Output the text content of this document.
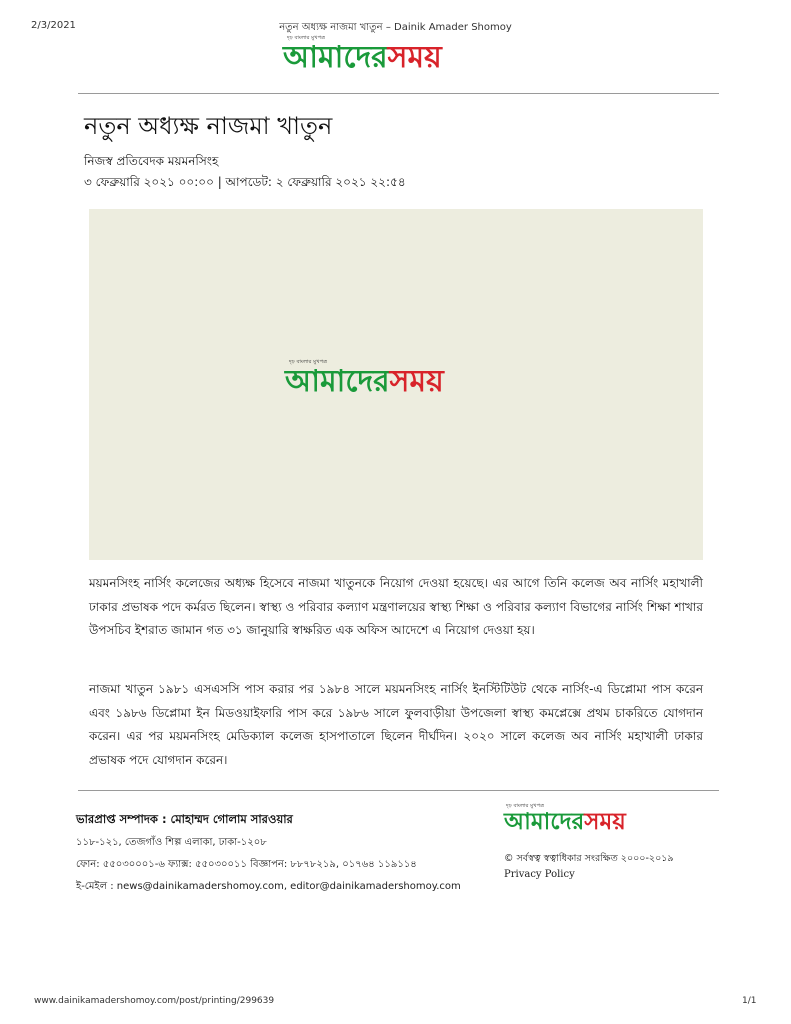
2/3/2021	নতুন অধ্যক্ষ নাজমা খাতুন – Dainik Amader Shomoy
দৃঢ় বাংলার মুখপত্র
আমাদেরসময়
নতুন অধ্যক্ষ নাজমা খাতুন
নিজস্ব প্রতিবেদক ময়মনসিংহ
৩ ফেব্রুয়ারি ২০২১ ০০:০০ | আপডেট: ২ ফেব্রুয়ারি ২০২১ ২২:৫৪
দৃঢ় বাংলার মুখপত্র
আমাদেরসময়

ময়মনসিংহ নার্সিং কলেজের অধ্যক্ষ হিসেবে নাজমা খাতুনকে নিয়োগ দেওয়া হয়েছে। এর আগে তিনি কলেজ অব নার্সিং মহাখালী ঢাকার প্রভাষক পদে কর্মরত ছিলেন। স্বাস্থ্য ও পরিবার কল্যাণ মন্ত্রণালয়ের স্বাস্থ্য শিক্ষা ও পরিবার কল্যাণ বিভাগের নার্সিং শিক্ষা শাখার উপসচিব ইশরাত জামান গত ৩১ জানুয়ারি স্বাক্ষরিত এক অফিস আদেশে এ নিয়োগ দেওয়া হয়।

নাজমা খাতুন ১৯৮১ এসএসসি পাস করার পর ১৯৮৪ সালে ময়মনসিংহ নার্সিং ইনস্টিটিউট থেকে নার্সিং-এ ডিপ্লোমা পাস করেন এবং ১৯৮৬ ডিপ্লোমা ইন মিডওয়াইফারি পাস করে ১৯৮৬ সালে ফুলবাড়ীয়া উপজেলা স্বাস্থ্য কমপ্লেক্সে প্রথম চাকরিতে যোগদান করেন। এর পর ময়মনসিংহ মেডিক্যাল কলেজ হাসপাতালে ছিলেন দীর্ঘদিন। ২০২০ সালে কলেজ অব নার্সিং মহাখালী ঢাকার প্রভাষক পদে যোগদান করেন।

ভারপ্রাপ্ত সম্পাদক : মোহাম্মদ গোলাম সারওয়ার
১১৮-১২১, তেজগাঁও শিল্প এলাকা, ঢাকা-১২০৮
ফোন: ৫৫০৩০০০১-৬ ফ্যাক্স: ৫৫০৩০০১১ বিজ্ঞাপন: ৮৮৭৮২১৯, ০১৭৬৪ ১১৯১১৪
ই-মেইল : news@dainikamadershomoy.com, editor@dainikamadershomoy.com
দৃঢ় বাংলার মুখপত্র
আমাদেরসময়
© সর্বস্বত্ব স্বত্বাধিকার সংরক্ষিত ২০০০-২০১৯
Privacy Policy
www.dainikamadershomoy.com/post/printing/299639	1/1
